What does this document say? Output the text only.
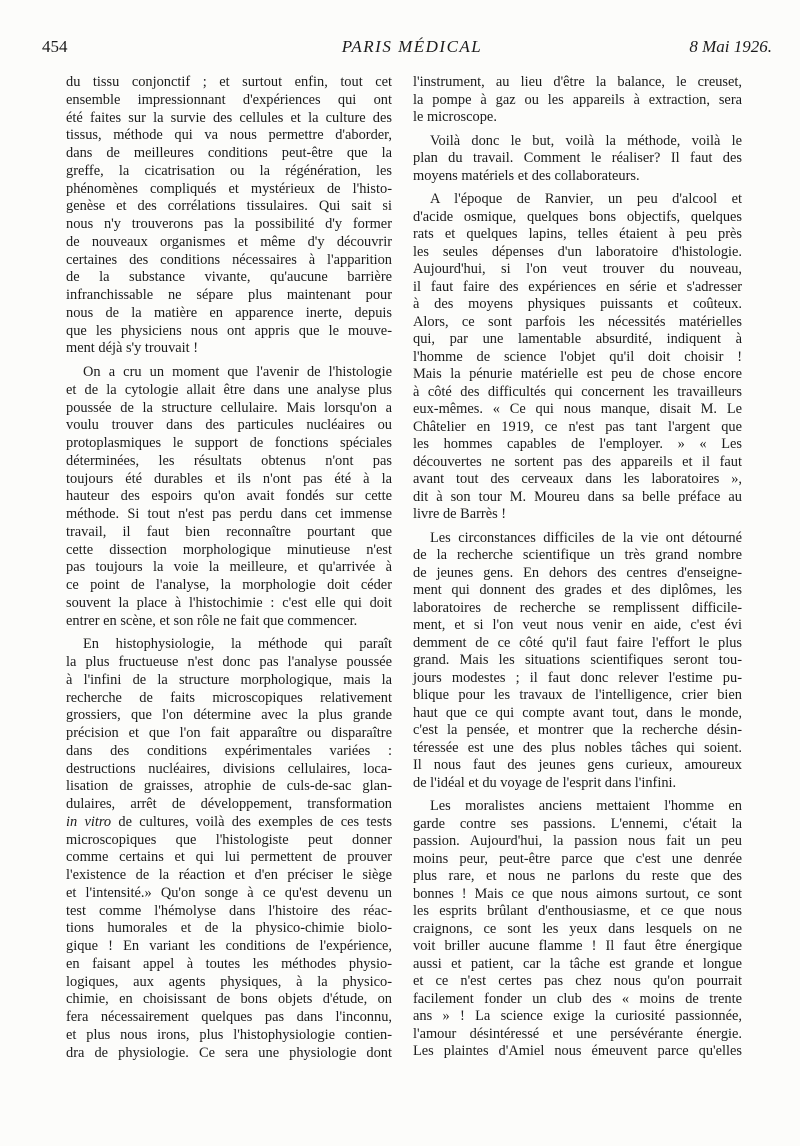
454	PARIS MÉDICAL	8 Mai 1926.
du tissu conjonctif ; et surtout enfin, tout cet
ensemble impressionnant d'expériences qui ont
été faites sur la survie des cellules et la culture des
tissus, méthode qui va nous permettre d'aborder,
dans de meilleures conditions peut-être que la
greffe, la cicatrisation ou la régénération, les
phénomènes compliqués et mystérieux de l'histo-
genèse et des corrélations tissulaires. Qui sait si
nous n'y trouverons pas la possibilité d'y former
de nouveaux organismes et même d'y découvrir
certaines des conditions nécessaires à l'apparition
de la substance vivante, qu'aucune barrière
infranchissable ne sépare plus maintenant pour
nous de la matière en apparence inerte, depuis
que les physiciens nous ont appris que le mouve-
ment déjà s'y trouvait !
On a cru un moment que l'avenir de l'histologie
et de la cytologie allait être dans une analyse plus
poussée de la structure cellulaire. Mais lorsqu'on a
voulu trouver dans des particules nucléaires ou
protoplasmiques le support de fonctions spéciales
déterminées, les résultats obtenus n'ont pas
toujours été durables et ils n'ont pas été à la
hauteur des espoirs qu'on avait fondés sur cette
méthode. Si tout n'est pas perdu dans cet immense
travail, il faut bien reconnaître pourtant que
cette dissection morphologique minutieuse n'est
pas toujours la voie la meilleure, et qu'arrivée à
ce point de l'analyse, la morphologie doit céder
souvent la place à l'histochimie : c'est elle qui doit
entrer en scène, et son rôle ne fait que commencer.
En histophysiologie, la méthode qui paraît
la plus fructueuse n'est donc pas l'analyse poussée
à l'infini de la structure morphologique, mais la
recherche de faits microscopiques relativement
grossiers, que l'on détermine avec la plus grande
précision et que l'on fait apparaître ou disparaître
dans des conditions expérimentales variées :
destructions nucléaires, divisions cellulaires, loca-
lisation de graisses, atrophie de culs-de-sac glan-
dulaires, arrêt de développement, transformation
in vitro de cultures, voilà des exemples de ces tests
microscopiques que l'histologiste peut donner
comme certains et qui lui permettent de prouver
l'existence de la réaction et d'en préciser le siège
et l'intensité.» Qu'on songe à ce qu'est devenu un
test comme l'hémolyse dans l'histoire des réac-
tions humorales et de la physico-chimie biolo-
gique ! En variant les conditions de l'expérience,
en faisant appel à toutes les méthodes physio-
logiques, aux agents physiques, à la physico-
chimie, en choisissant de bons objets d'étude, on
fera nécessairement quelques pas dans l'inconnu,
et plus nous irons, plus l'histophysiologie contien-
dra de physiologie. Ce sera une physiologie dont
l'instrument, au lieu d'être la balance, le creuset,
la pompe à gaz ou les appareils à extraction, sera
le microscope.
Voilà donc le but, voilà la méthode, voilà le
plan du travail. Comment le réaliser? Il faut des
moyens matériels et des collaborateurs.
A l'époque de Ranvier, un peu d'alcool et
d'acide osmique, quelques bons objectifs, quelques
rats et quelques lapins, telles étaient à peu près
les seules dépenses d'un laboratoire d'histologie.
Aujourd'hui, si l'on veut trouver du nouveau,
il faut faire des expériences en série et s'adresser
à des moyens physiques puissants et coûteux.
Alors, ce sont parfois les nécessités matérielles
qui, par une lamentable absurdité, indiquent à
l'homme de science l'objet qu'il doit choisir !
Mais la pénurie matérielle est peu de chose encore
à côté des difficultés qui concernent les travailleurs
eux-mêmes. « Ce qui nous manque, disait M. Le
Châtelier en 1919, ce n'est pas tant l'argent que
les hommes capables de l'employer. » « Les
découvertes ne sortent pas des appareils et il faut
avant tout des cerveaux dans les laboratoires »,
dit à son tour M. Moureu dans sa belle préface au
livre de Barrès !
Les circonstances difficiles de la vie ont détourné
de la recherche scientifique un très grand nombre
de jeunes gens. En dehors des centres d'enseigne-
ment qui donnent des grades et des diplômes, les
laboratoires de recherche se remplissent difficile-
ment, et si l'on veut nous venir en aide, c'est évi
demment de ce côté qu'il faut faire l'effort le plus
grand. Mais les situations scientifiques seront tou-
jours modestes ; il faut donc relever l'estime pu-
blique pour les travaux de l'intelligence, crier bien
haut que ce qui compte avant tout, dans le monde,
c'est la pensée, et montrer que la recherche désin-
téressée est une des plus nobles tâches qui soient.
Il nous faut des jeunes gens curieux, amoureux
de l'idéal et du voyage de l'esprit dans l'infini.
Les moralistes anciens mettaient l'homme en
garde contre ses passions. L'ennemi, c'était la
passion. Aujourd'hui, la passion nous fait un peu
moins peur, peut-être parce que c'est une denrée
plus rare, et nous ne parlons du reste que des
bonnes ! Mais ce que nous aimons surtout, ce sont
les esprits brûlant d'enthousiasme, et ce que nous
craignons, ce sont les yeux dans lesquels on ne
voit briller aucune flamme ! Il faut être énergique
aussi et patient, car la tâche est grande et longue
et ce n'est certes pas chez nous qu'on pourrait
facilement fonder un club des « moins de trente
ans » ! La science exige la curiosité passionnée,
l'amour désintéressé et une persévérante énergie.
Les plaintes d'Amiel nous émeuvent parce qu'elles
